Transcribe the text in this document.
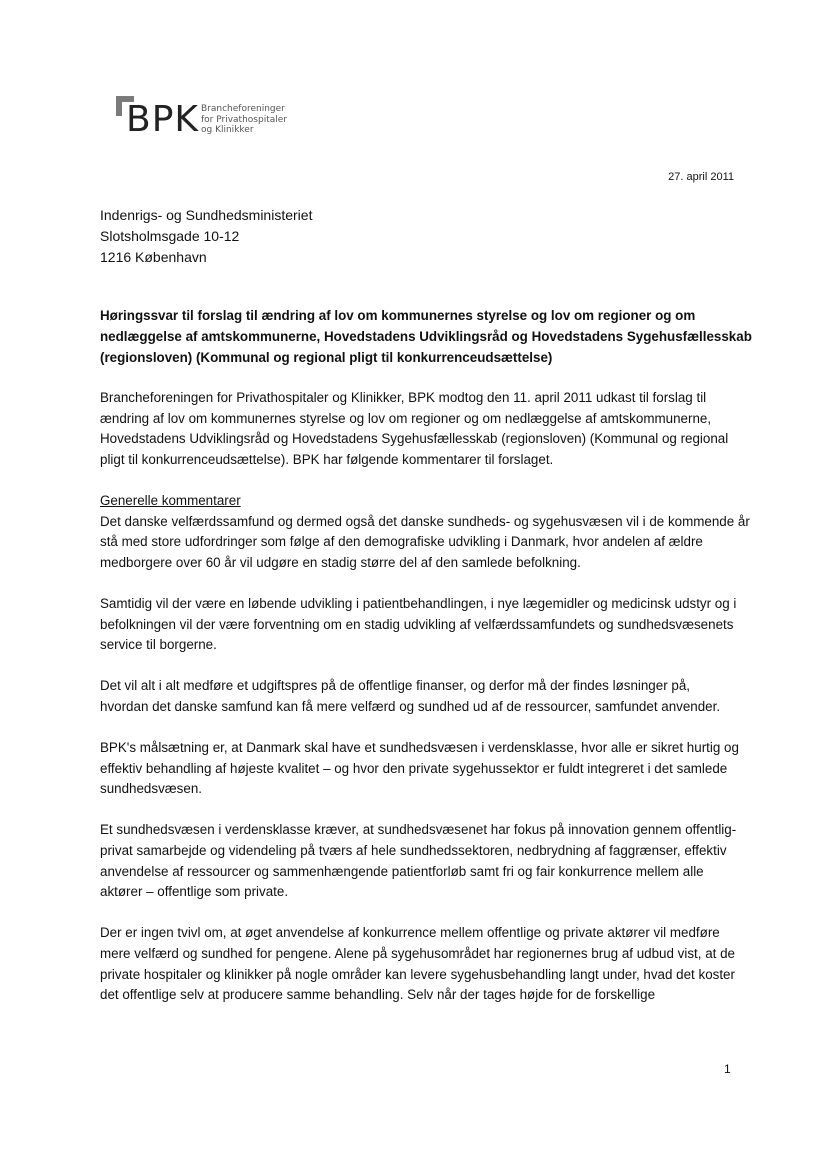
BPK Brancheforeninger
for Privathospitaler
og Klinikker
27. april 2011
Indenrigs- og Sundhedsministeriet
Slotsholmsgade 10-12
1216 København
Høringssvar til forslag til ændring af lov om kommunernes styrelse og lov om regioner og om
nedlæggelse af amtskommunerne, Hovedstadens Udviklingsråd og Hovedstadens Sygehusfællesskab
(regionsloven) (Kommunal og regional pligt til konkurrenceudsættelse)
Brancheforeningen for Privathospitaler og Klinikker, BPK modtog den 11. april 2011 udkast til forslag til
ændring af lov om kommunernes styrelse og lov om regioner og om nedlæggelse af amtskommunerne,
Hovedstadens Udviklingsråd og Hovedstadens Sygehusfællesskab (regionsloven) (Kommunal og regional
pligt til konkurrenceudsættelse). BPK har følgende kommentarer til forslaget.
Generelle kommentarer
Det danske velfærdssamfund og dermed også det danske sundheds- og sygehusvæsen vil i de kommende år
stå med store udfordringer som følge af den demografiske udvikling i Danmark, hvor andelen af ældre
medborgere over 60 år vil udgøre en stadig større del af den samlede befolkning.
Samtidig vil der være en løbende udvikling i patientbehandlingen, i nye lægemidler og medicinsk udstyr og i
befolkningen vil der være forventning om en stadig udvikling af velfærdssamfundets og sundhedsvæsenets
service til borgerne.
Det vil alt i alt medføre et udgiftspres på de offentlige finanser, og derfor må der findes løsninger på,
hvordan det danske samfund kan få mere velfærd og sundhed ud af de ressourcer, samfundet anvender.
BPK's målsætning er, at Danmark skal have et sundhedsvæsen i verdensklasse, hvor alle er sikret hurtig og
effektiv behandling af højeste kvalitet – og hvor den private sygehussektor er fuldt integreret i det samlede
sundhedsvæsen.
Et sundhedsvæsen i verdensklasse kræver, at sundhedsvæsenet har fokus på innovation gennem offentlig-
privat samarbejde og videndeling på tværs af hele sundhedssektoren, nedbrydning af faggrænser, effektiv
anvendelse af ressourcer og sammenhængende patientforløb samt fri og fair konkurrence mellem alle
aktører – offentlige som private.
Der er ingen tvivl om, at øget anvendelse af konkurrence mellem offentlige og private aktører vil medføre
mere velfærd og sundhed for pengene. Alene på sygehusområdet har regionernes brug af udbud vist, at de
private hospitaler og klinikker på nogle områder kan levere sygehusbehandling langt under, hvad det koster
det offentlige selv at producere samme behandling. Selv når der tages højde for de forskellige
1
